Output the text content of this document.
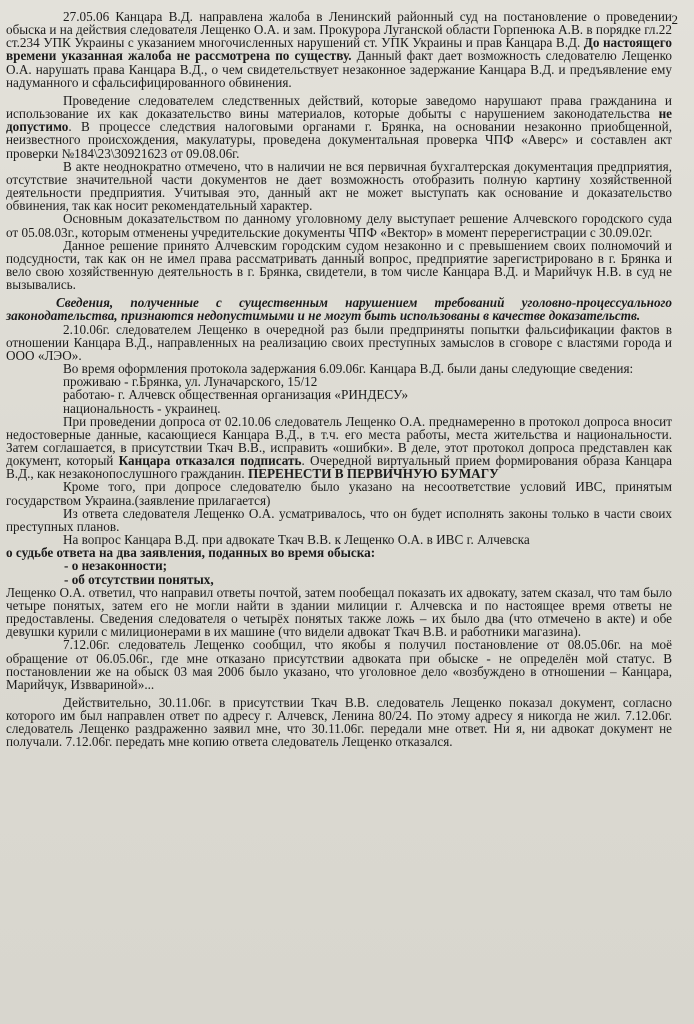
2

27.05.06 Канцара В.Д. направлена жалоба в Ленинский районный суд на постановление о проведении обыска и на действия следователя Лещенко О.А. и зам. Прокурора Луганской области Горпенюка А.В. в порядке гл.22 ст.234 УПК Украины с указанием многочисленных нарушений ст. УПК Украины и прав Канцара В.Д. До настоящего времени указанная жалоба не рассмотрена по существу. Данный факт дает возможность следователю Лещенко О.А. нарушать права Канцара В.Д., о чем свидетельствует незаконное задержание Канцара В.Д. и предъявление ему надуманного и сфальсифицированного обвинения.

Проведение следователем следственных действий, которые заведомо нарушают права гражданина и использование их как доказательство вины материалов, которые добыты с нарушением законодательства не допустимо. В процессе следствия налоговыми органами г. Брянка, на основании незаконно приобщенной, неизвестного происхождения, макулатуры, проведена документальная проверка ЧПФ «Аверс» и составлен акт проверки №184\23\30921623 от 09.08.06г.

В акте неоднократно отмечено, что в наличии не вся первичная бухгалтерская документация предприятия, отсутствие значительной части документов не дает возможность отобразить полную картину хозяйственной деятельности предприятия. Учитывая это, данный акт не может выступать как основание и доказательство обвинения, так как носит рекомендательный характер.

Основным доказательством по данному уголовному делу выступает решение Алчевского городского суда от 05.08.03г., которым отменены учредительские документы ЧПФ «Вектор» в момент перерегистрации с 30.09.02г.

Данное решение принято Алчевским городским судом незаконно и с превышением своих полномочий и подсудности, так как он не имел права рассматривать данный вопрос, предприятие зарегистрировано в г. Брянка и вело свою хозяйственную деятельность в г. Брянка, свидетели, в том числе Канцара В.Д. и Марийчук Н.В. в суд не вызывались.

Сведения, полученные с существенным нарушением требований уголовно-процессуального законодательства, признаются недопустимыми и не могут быть использованы в качестве доказательств.

2.10.06г. следователем Лещенко в очередной раз были предприняты попытки фальсификации фактов в отношении Канцара В.Д., направленных на реализацию своих преступных замыслов в сговоре с властями города и ООО «ЛЭО».

Во время оформления протокола задержания 6.09.06г. Канцара В.Д. были даны следующие сведения:

проживаю - г.Брянка, ул. Луначарского, 15/12

работаю- г. Алчевск общественная организация «РИНДЕСУ»

национальность - украинец.

При проведении допроса от 02.10.06 следователь Лещенко О.А. преднамеренно в протокол допроса вносит недостоверные данные, касающиеся Канцара В.Д., в т.ч. его места работы, места жительства и национальности. Затем соглашается, в присутствии Ткач В.В., исправить «ошибки». В деле, этот протокол допроса представлен как документ, который Канцара отказался подписать. Очередной виртуальный прием формирования образа Канцара В.Д., как незаконопослушного гражданин. ПЕРЕНЕСТИ В ПЕРВИЧНУЮ БУМАГУ

Кроме того, при допросе следователю было указано на несоответствие условий ИВС, принятым государством Украина.(заявление прилагается)

Из ответа следователя Лещенко О.А. усматривалось, что он будет исполнять законы только в части своих преступных планов.

На вопрос Канцара В.Д. при адвокате Ткач В.В. к Лещенко О.А. в ИВС г. Алчевска

о судьбе ответа на два заявления, поданных во время обыска:

- о незаконности;

- об отсутствии понятых,

Лещенко О.А. ответил, что направил ответы почтой, затем пообещал показать их адвокату, затем сказал, что там было четыре понятых, затем его не могли найти в здании милиции г. Алчевска и по настоящее время ответы не предоставлены. Сведения следователя о четырёх понятых также ложь – их было два (что отмечено в акте) и обе девушки курили с милиционерами в их машине (что видели адвокат Ткач В.В. и работники магазина).

7.12.06г. следователь Лещенко сообщил, что якобы я получил постановление от 08.05.06г. на моё обращение от 06.05.06г., где мне отказано присутствии адвоката при обыске - не определён мой статус. В постановлении же на обыск 03 мая 2006 было указано, что уголовное дело «возбуждено в отношении – Канцара, Марийчук, Изввариной»...

Действительно, 30.11.06г. в присутствии Ткач В.В. следователь Лещенко показал документ, согласно которого им был направлен ответ по адресу г. Алчевск, Ленина 80/24. По этому адресу я никогда не жил. 7.12.06г. следователь Лещенко раздраженно заявил мне, что 30.11.06г. передали мне ответ. Ни я, ни адвокат документ не получали. 7.12.06г. передать мне копию ответа следователь Лещенко отказался.
